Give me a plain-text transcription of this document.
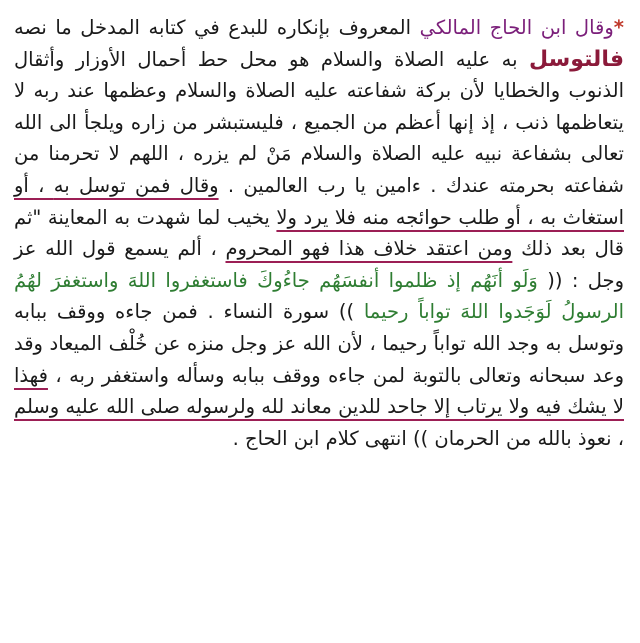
*وقال ابن الحاج المالكي المعروف بإنكاره للبدع في كتابه المدخل ما نصه فالتوسل به عليه الصلاة والسلام هو محل حط أحمال الأوزار وأثقال الذنوب والخطايا لأن بركة شفاعته عليه الصلاة والسلام وعظمها عند ربه لا يتعاظمها ذنب ، إذ إنها أعظم من الجميع ، فليستبشر من زاره ويلجأ الى الله تعالى بشفاعة نبيه عليه الصلاة والسلام مَنْ لم يزره ، اللهم لا تحرمنا من شفاعته بحرمته عندك . ءامين يا رب العالمين . وقال فمن توسل به ، أو استغاث به ، أو طلب حوائجه منه فلا يرد ولا يخيب لما شهدت به المعاينة "ثم قال بعد ذلك ومن اعتقد خلاف هذا فهو المحروم ، ألم يسمع قول الله عز وجل : (( وَلَو أنَهُم إذ ظلموا أنفسَهُم جاءُوكَ فاستغفروا اللهَ واستغفرَ لهُمُ الرسولُ لَوَجَدوا اللهَ تواباً رحيما )) سورة النساء . فمن جاءه ووقف ببابه وتوسل به وجد الله تواباً رحيما ، لأن الله عز وجل منزه عن خُلْف الميعاد وقد وعد سبحانه وتعالى بالتوبة لمن جاءه ووقف ببابه وسأله واستغفر ربه ، فهذا لا يشك فيه ولا يرتاب إلا جاحد للدين معاند لله ولرسوله صلى الله عليه وسلم ، نعوذ بالله من الحرمان )) انتهى كلام ابن الحاج .
